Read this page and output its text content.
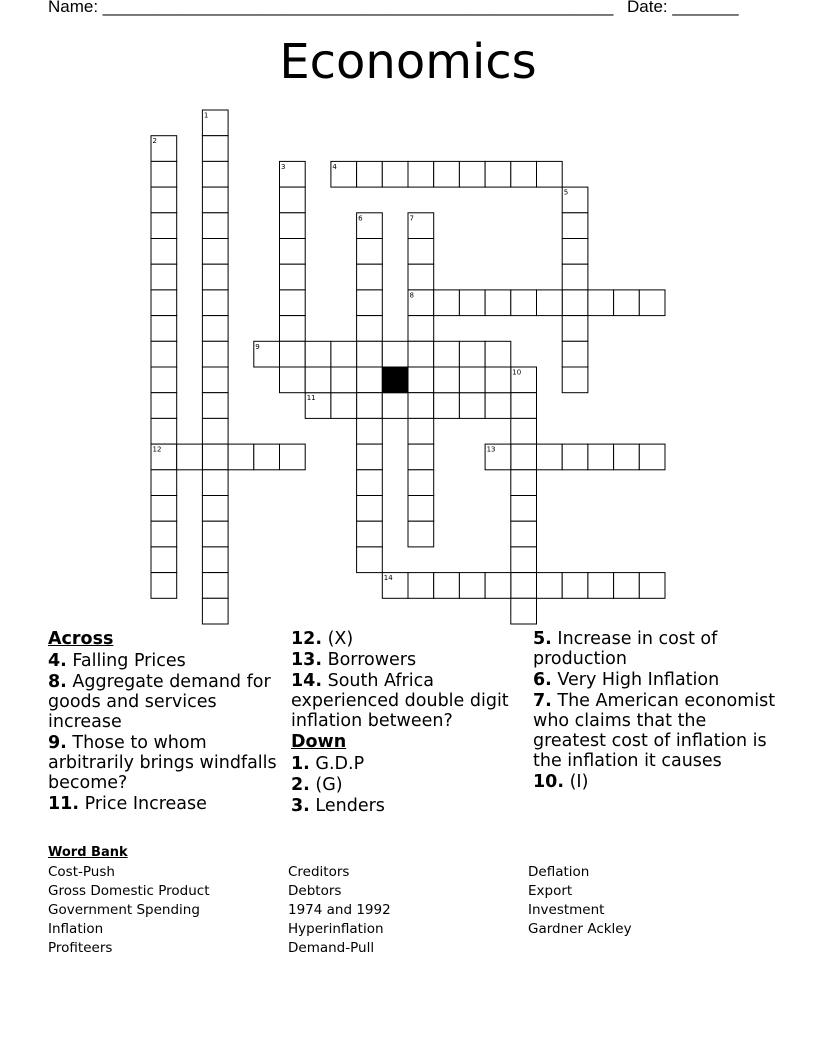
Name: ______________________________________________________ Date: _______
Economics
1
2
3	4
5
6	7
8
9
10
11
12	13
14
Across
4. Falling Prices
8. Aggregate demand for goods and services increase
9. Those to whom arbitrarily brings windfalls become?
11. Price Increase
12. (X)
13. Borrowers
14. South Africa experienced double digit inflation between?
Down
1. G.D.P
2. (G)
3. Lenders
5. Increase in cost of production
6. Very High Inflation
7. The American economist who claims that the greatest cost of inflation is the inflation it causes
10. (I)
Word Bank
Cost-Push
Gross Domestic Product
Government Spending
Inflation
Profiteers
Creditors
Debtors
1974 and 1992
Hyperinflation
Demand-Pull
Deflation
Export
Investment
Gardner Ackley
